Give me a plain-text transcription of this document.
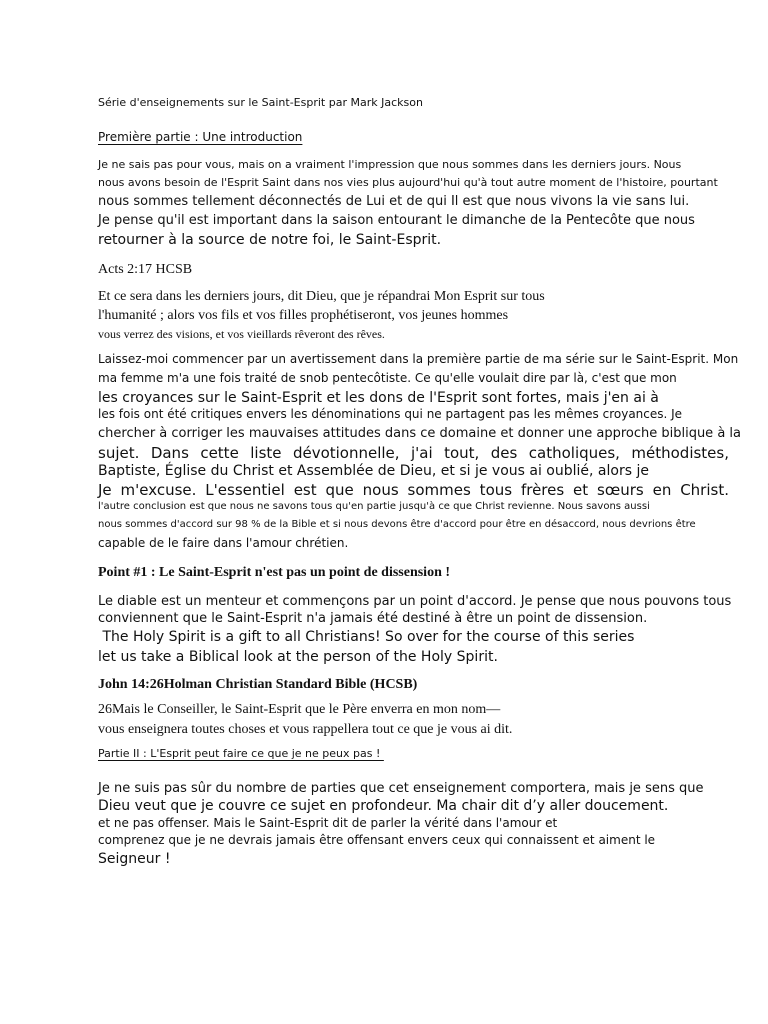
Série d'enseignements sur le Saint-Esprit par Mark Jackson
Première partie : Une introduction
Je ne sais pas pour vous, mais on a vraiment l'impression que nous sommes dans les derniers jours. Nous
nous avons besoin de l'Esprit Saint dans nos vies plus aujourd'hui qu'à tout autre moment de l'histoire, pourtant
nous sommes tellement déconnectés de Lui et de qui Il est que nous vivons la vie sans lui.
Je pense qu'il est important dans la saison entourant le dimanche de la Pentecôte que nous
retourner à la source de notre foi, le Saint-Esprit.
Acts 2:17 HCSB
Et ce sera dans les derniers jours, dit Dieu, que je répandrai Mon Esprit sur tous
l'humanité ; alors vos fils et vos filles prophétiseront, vos jeunes hommes
vous verrez des visions, et vos vieillards rêveront des rêves.
Laissez-moi commencer par un avertissement dans la première partie de ma série sur le Saint-Esprit. Mon
ma femme m'a une fois traité de snob pentecôtiste. Ce qu'elle voulait dire par là, c'est que mon
les croyances sur le Saint-Esprit et les dons de l'Esprit sont fortes, mais j'en ai à
les fois ont été critiques envers les dénominations qui ne partagent pas les mêmes croyances. Je
chercher à corriger les mauvaises attitudes dans ce domaine et donner une approche biblique à la
sujet. Dans cette liste dévotionnelle, j'ai tout, des catholiques, méthodistes,
Baptiste, Église du Christ et Assemblée de Dieu, et si je vous ai oublié, alors je
Je m'excuse. L'essentiel est que nous sommes tous frères et sœurs en Christ.
l'autre conclusion est que nous ne savons tous qu'en partie jusqu'à ce que Christ revienne. Nous savons aussi
nous sommes d'accord sur 98 % de la Bible et si nous devons être d'accord pour être en désaccord, nous devrions être
capable de le faire dans l'amour chrétien.
Point #1 : Le Saint-Esprit n'est pas un point de dissension !
Le diable est un menteur et commençons par un point d'accord. Je pense que nous pouvons tous
conviennent que le Saint-Esprit n'a jamais été destiné à être un point de dissension.
The Holy Spirit is a gift to all Christians! So over for the course of this series
let us take a Biblical look at the person of the Holy Spirit.
John 14:26Holman Christian Standard Bible (HCSB)
26Mais le Conseiller, le Saint-Esprit que le Père enverra en mon nom—
vous enseignera toutes choses et vous rappellera tout ce que je vous ai dit.
Partie II : L'Esprit peut faire ce que je ne peux pas !
Je ne suis pas sûr du nombre de parties que cet enseignement comportera, mais je sens que
Dieu veut que je couvre ce sujet en profondeur. Ma chair dit d’y aller doucement.
et ne pas offenser. Mais le Saint-Esprit dit de parler la vérité dans l'amour et
comprenez que je ne devrais jamais être offensant envers ceux qui connaissent et aiment le
Seigneur !
